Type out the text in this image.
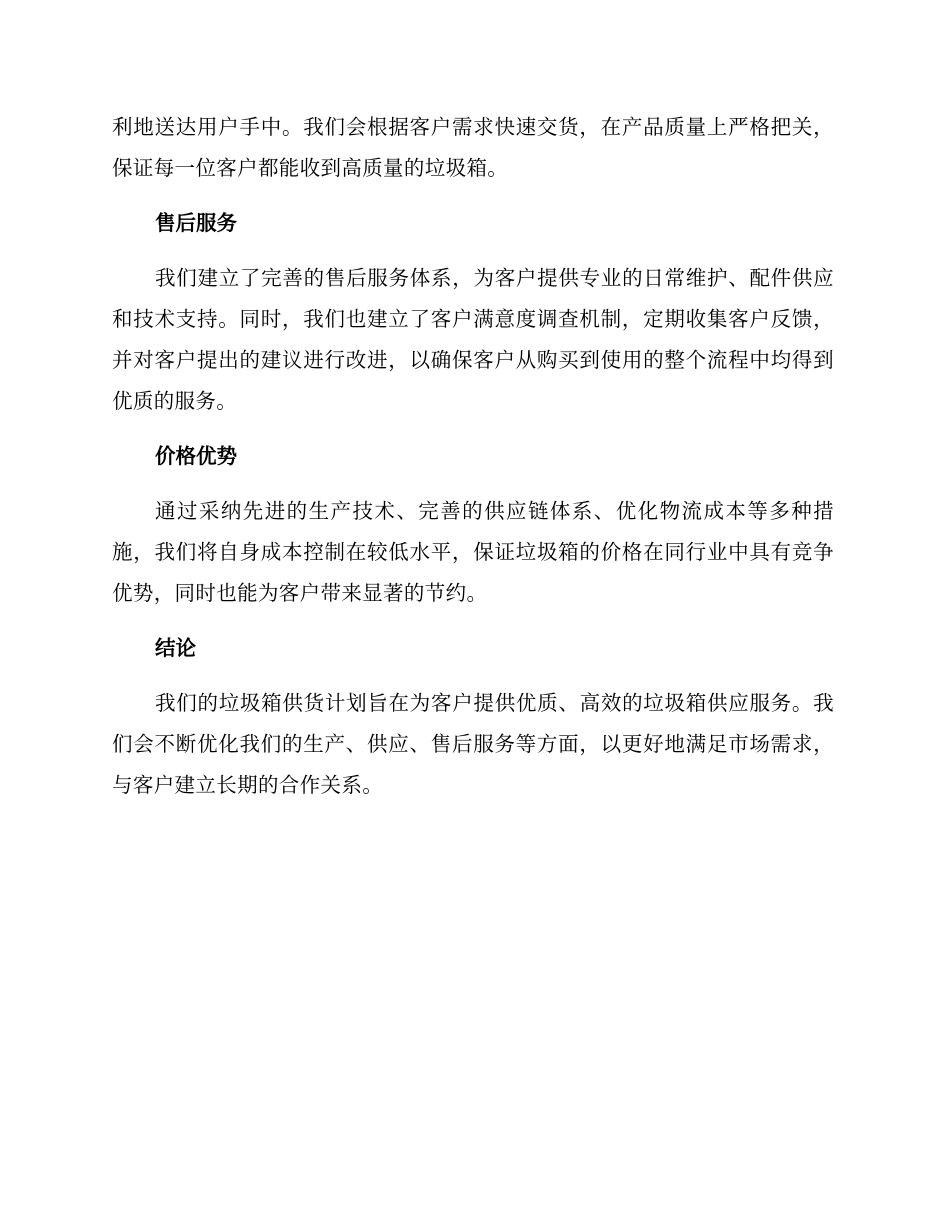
利地送达用户手中。我们会根据客户需求快速交货，在产品质量上严格把关，保证每一位客户都能收到高质量的垃圾箱。

售后服务

我们建立了完善的售后服务体系，为客户提供专业的日常维护、配件供应和技术支持。同时，我们也建立了客户满意度调查机制，定期收集客户反馈，并对客户提出的建议进行改进，以确保客户从购买到使用的整个流程中均得到优质的服务。

价格优势

通过采纳先进的生产技术、完善的供应链体系、优化物流成本等多种措施，我们将自身成本控制在较低水平，保证垃圾箱的价格在同行业中具有竞争优势，同时也能为客户带来显著的节约。

结论

我们的垃圾箱供货计划旨在为客户提供优质、高效的垃圾箱供应服务。我们会不断优化我们的生产、供应、售后服务等方面，以更好地满足市场需求，与客户建立长期的合作关系。
